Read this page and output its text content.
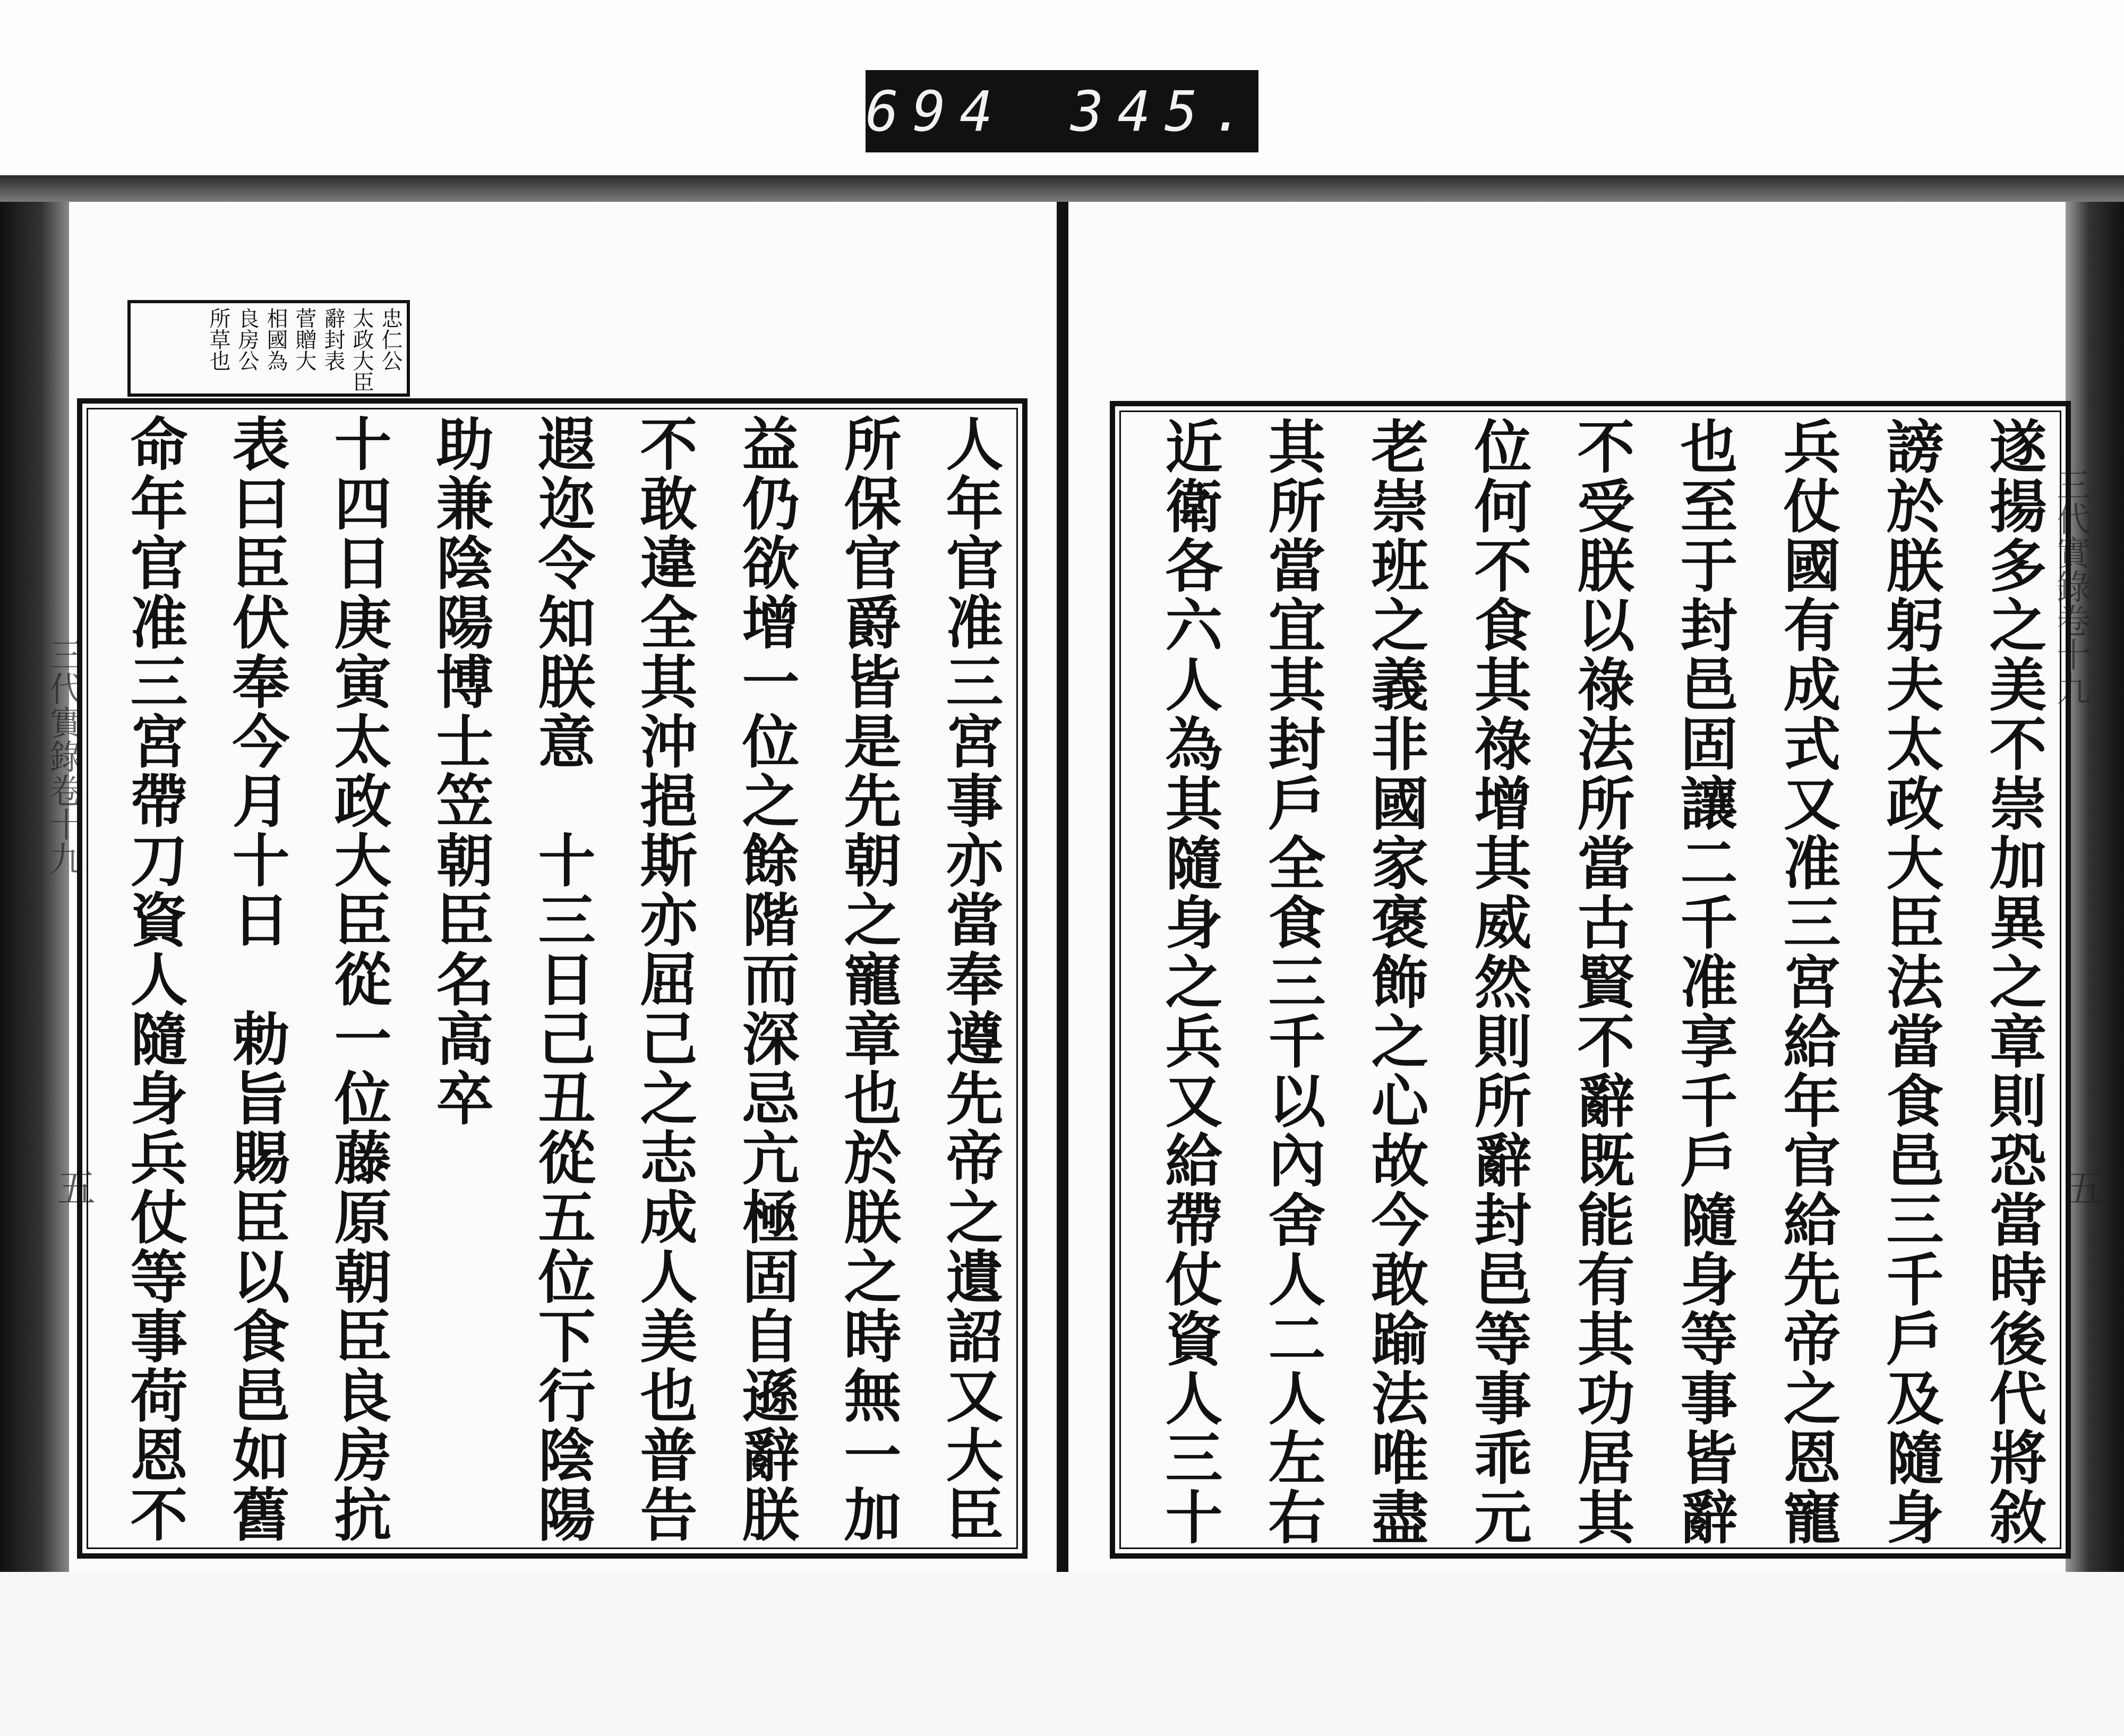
694 345.
三代實錄卷十九
五
三代實錄卷十九
五
忠仁公
太政大臣
辭封表
菅贈大
相國為
良房公
所草也
人年官准三宮事亦當奉遵先帝之遺詔又大臣
所保官爵皆是先朝之寵章也於朕之時無一加
益仍欲增一位之餘階而深忌亢極固自遜辭朕
不敢違全其沖挹斯亦屈己之志成人美也普告
遐迩令知朕意　十三日己丑從五位下行陰陽
助兼陰陽博士笠朝臣名高卒
十四日庚寅太政大臣從一位藤原朝臣良房抗
表曰臣伏奉今月十日　勅旨賜臣以食邑如舊
命年官准三宮帶刀資人隨身兵仗等事荷恩不	遂揚多之美不崇加異之章則恐當時後代將敘
謗於朕躬夫太政大臣法當食邑三千戶及隨身
兵仗國有成式又准三宮給年官給先帝之恩寵
也至于封邑固讓二千准享千戶隨身等事皆辭
不受朕以祿法所當古賢不辭既能有其功居其
位何不食其祿增其威然則所辭封邑等事乖元
老崇班之義非國家褒飾之心故今敢踰法唯盡
其所當宜其封戶全食三千以內舍人二人左右
近衛各六人為其隨身之兵又給帶仗資人三十
